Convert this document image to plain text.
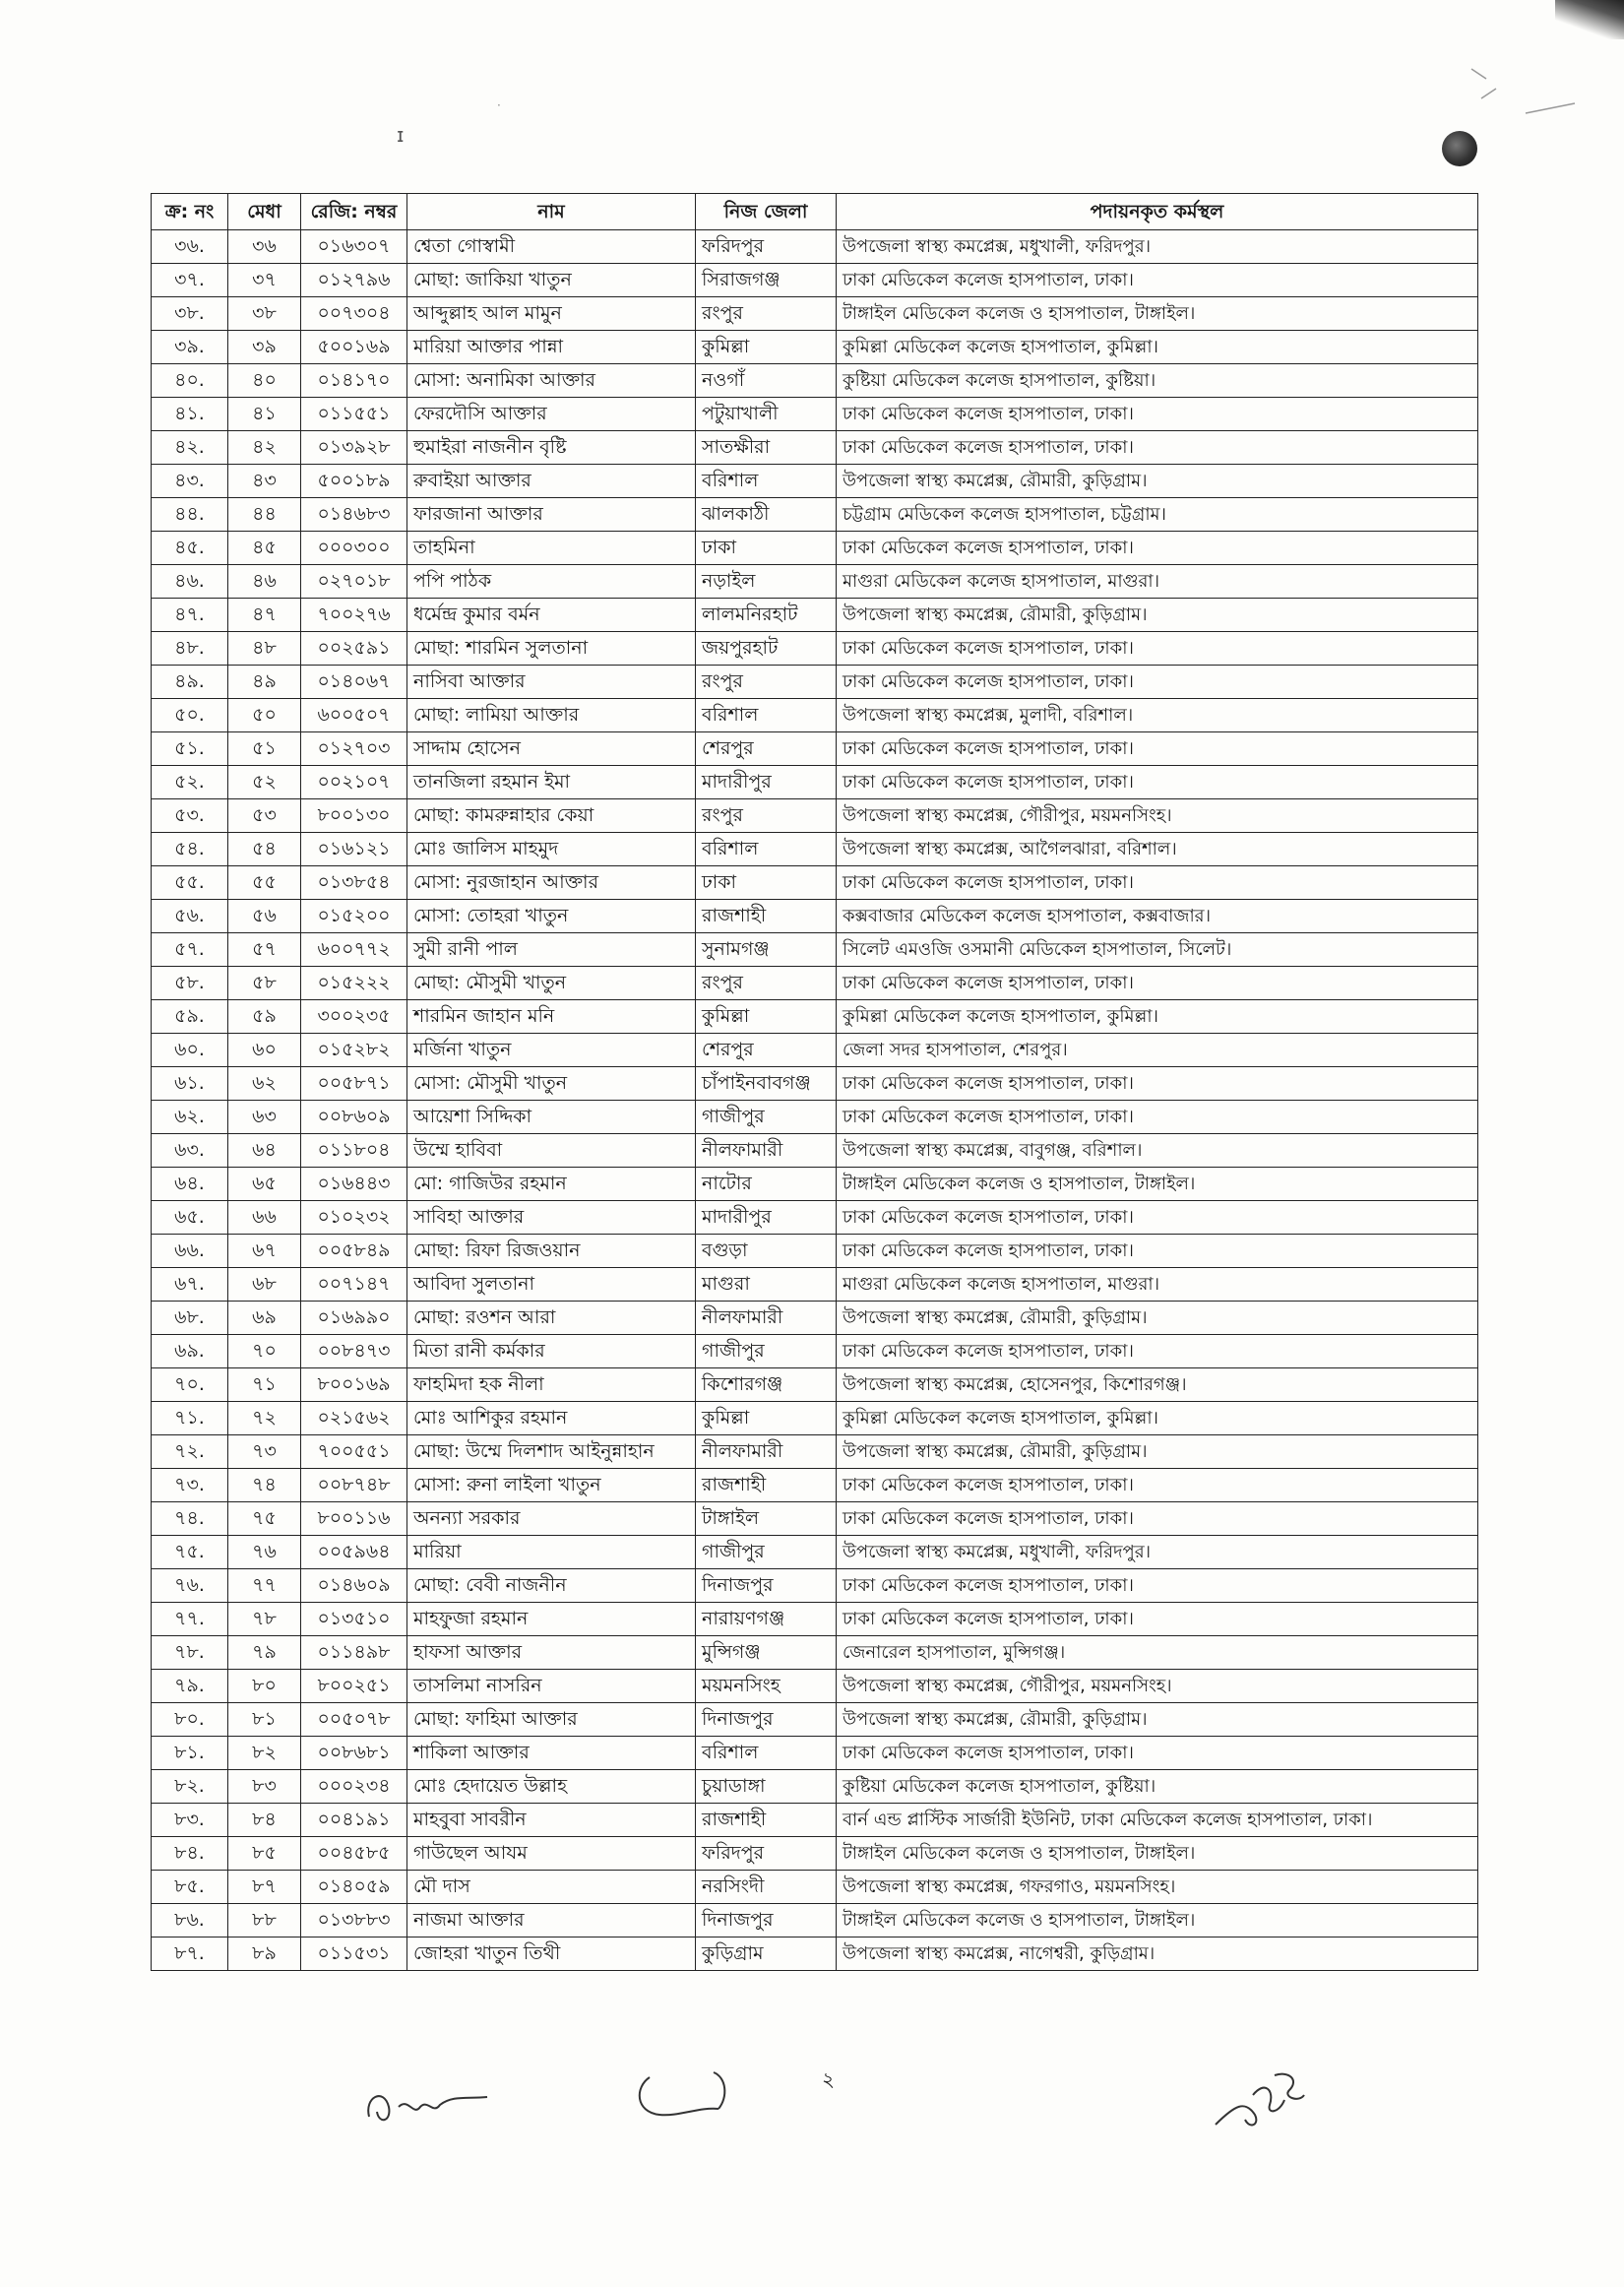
ɪ
·
ক্র: নং	মেধা	রেজি: নম্বর	নাম	নিজ জেলা	পদায়নকৃত কর্মস্থল
৩৬.	৩৬	০১৬৩০৭	শ্বেতা গোস্বামী	ফরিদপুর	উপজেলা স্বাস্থ্য কমপ্লেক্স, মধুখালী, ফরিদপুর।
৩৭.	৩৭	০১২৭৯৬	মোছা: জাকিয়া খাতুন	সিরাজগঞ্জ	ঢাকা মেডিকেল কলেজ হাসপাতাল, ঢাকা।
৩৮.	৩৮	০০৭৩০৪	আব্দুল্লাহ আল মামুন	রংপুর	টাঙ্গাইল মেডিকেল কলেজ ও হাসপাতাল, টাঙ্গাইল।
৩৯.	৩৯	৫০০১৬৯	মারিয়া আক্তার পান্না	কুমিল্লা	কুমিল্লা মেডিকেল কলেজ হাসপাতাল, কুমিল্লা।
৪০.	৪০	০১৪১৭০	মোসা: অনামিকা আক্তার	নওগাঁ	কুষ্টিয়া মেডিকেল কলেজ হাসপাতাল, কুষ্টিয়া।
৪১.	৪১	০১১৫৫১	ফেরদৌসি আক্তার	পটুয়াখালী	ঢাকা মেডিকেল কলেজ হাসপাতাল, ঢাকা।
৪২.	৪২	০১৩৯২৮	হুমাইরা নাজনীন বৃষ্টি	সাতক্ষীরা	ঢাকা মেডিকেল কলেজ হাসপাতাল, ঢাকা।
৪৩.	৪৩	৫০০১৮৯	রুবাইয়া আক্তার	বরিশাল	উপজেলা স্বাস্থ্য কমপ্লেক্স, রৌমারী, কুড়িগ্রাম।
৪৪.	৪৪	০১৪৬৮৩	ফারজানা আক্তার	ঝালকাঠী	চট্টগ্রাম মেডিকেল কলেজ হাসপাতাল, চট্টগ্রাম।
৪৫.	৪৫	০০০৩০০	তাহমিনা	ঢাকা	ঢাকা মেডিকেল কলেজ হাসপাতাল, ঢাকা।
৪৬.	৪৬	০২৭০১৮	পপি পাঠক	নড়াইল	মাগুরা মেডিকেল কলেজ হাসপাতাল, মাগুরা।
৪৭.	৪৭	৭০০২৭৬	ধর্মেন্দ্র কুমার বর্মন	লালমনিরহাট	উপজেলা স্বাস্থ্য কমপ্লেক্স, রৌমারী, কুড়িগ্রাম।
৪৮.	৪৮	০০২৫৯১	মোছা: শারমিন সুলতানা	জয়পুরহাট	ঢাকা মেডিকেল কলেজ হাসপাতাল, ঢাকা।
৪৯.	৪৯	০১৪০৬৭	নাসিবা আক্তার	রংপুর	ঢাকা মেডিকেল কলেজ হাসপাতাল, ঢাকা।
৫০.	৫০	৬০০৫০৭	মোছা: লামিয়া আক্তার	বরিশাল	উপজেলা স্বাস্থ্য কমপ্লেক্স, মুলাদী, বরিশাল।
৫১.	৫১	০১২৭০৩	সাদ্দাম হোসেন	শেরপুর	ঢাকা মেডিকেল কলেজ হাসপাতাল, ঢাকা।
৫২.	৫২	০০২১০৭	তানজিলা রহমান ইমা	মাদারীপুর	ঢাকা মেডিকেল কলেজ হাসপাতাল, ঢাকা।
৫৩.	৫৩	৮০০১৩০	মোছা: কামরুন্নাহার কেয়া	রংপুর	উপজেলা স্বাস্থ্য কমপ্লেক্স, গৌরীপুর, ময়মনসিংহ।
৫৪.	৫৪	০১৬১২১	মোঃ জালিস মাহমুদ	বরিশাল	উপজেলা স্বাস্থ্য কমপ্লেক্স, আগৈলঝারা, বরিশাল।
৫৫.	৫৫	০১৩৮৫৪	মোসা: নুরজাহান আক্তার	ঢাকা	ঢাকা মেডিকেল কলেজ হাসপাতাল, ঢাকা।
৫৬.	৫৬	০১৫২০০	মোসা: তোহরা খাতুন	রাজশাহী	কক্সবাজার মেডিকেল কলেজ হাসপাতাল, কক্সবাজার।
৫৭.	৫৭	৬০০৭৭২	সুমী রানী পাল	সুনামগঞ্জ	সিলেট এমওজি ওসমানী মেডিকেল হাসপাতাল, সিলেট।
৫৮.	৫৮	০১৫২২২	মোছা: মৌসুমী খাতুন	রংপুর	ঢাকা মেডিকেল কলেজ হাসপাতাল, ঢাকা।
৫৯.	৫৯	৩০০২৩৫	শারমিন জাহান মনি	কুমিল্লা	কুমিল্লা মেডিকেল কলেজ হাসপাতাল, কুমিল্লা।
৬০.	৬০	০১৫২৮২	মর্জিনা খাতুন	শেরপুর	জেলা সদর হাসপাতাল, শেরপুর।
৬১.	৬২	০০৫৮৭১	মোসা: মৌসুমী খাতুন	চাঁপাইনবাবগঞ্জ	ঢাকা মেডিকেল কলেজ হাসপাতাল, ঢাকা।
৬২.	৬৩	০০৮৬০৯	আয়েশা সিদ্দিকা	গাজীপুর	ঢাকা মেডিকেল কলেজ হাসপাতাল, ঢাকা।
৬৩.	৬৪	০১১৮০৪	উম্মে হাবিবা	নীলফামারী	উপজেলা স্বাস্থ্য কমপ্লেক্স, বাবুগঞ্জ, বরিশাল।
৬৪.	৬৫	০১৬৪৪৩	মো: গাজিউর রহমান	নাটোর	টাঙ্গাইল মেডিকেল কলেজ ও হাসপাতাল, টাঙ্গাইল।
৬৫.	৬৬	০১০২৩২	সাবিহা আক্তার	মাদারীপুর	ঢাকা মেডিকেল কলেজ হাসপাতাল, ঢাকা।
৬৬.	৬৭	০০৫৮৪৯	মোছা: রিফা রিজওয়ান	বগুড়া	ঢাকা মেডিকেল কলেজ হাসপাতাল, ঢাকা।
৬৭.	৬৮	০০৭১৪৭	আবিদা সুলতানা	মাগুরা	মাগুরা মেডিকেল কলেজ হাসপাতাল, মাগুরা।
৬৮.	৬৯	০১৬৯৯০	মোছা: রওশন আরা	নীলফামারী	উপজেলা স্বাস্থ্য কমপ্লেক্স, রৌমারী, কুড়িগ্রাম।
৬৯.	৭০	০০৮৪৭৩	মিতা রানী কর্মকার	গাজীপুর	ঢাকা মেডিকেল কলেজ হাসপাতাল, ঢাকা।
৭০.	৭১	৮০০১৬৯	ফাহমিদা হক নীলা	কিশোরগঞ্জ	উপজেলা স্বাস্থ্য কমপ্লেক্স, হোসেনপুর, কিশোরগঞ্জ।
৭১.	৭২	০২১৫৬২	মোঃ আশিকুর রহমান	কুমিল্লা	কুমিল্লা মেডিকেল কলেজ হাসপাতাল, কুমিল্লা।
৭২.	৭৩	৭০০৫৫১	মোছা: উম্মে দিলশাদ আইনুন্নাহান	নীলফামারী	উপজেলা স্বাস্থ্য কমপ্লেক্স, রৌমারী, কুড়িগ্রাম।
৭৩.	৭৪	০০৮৭৪৮	মোসা: রুনা লাইলা খাতুন	রাজশাহী	ঢাকা মেডিকেল কলেজ হাসপাতাল, ঢাকা।
৭৪.	৭৫	৮০০১১৬	অনন্যা সরকার	টাঙ্গাইল	ঢাকা মেডিকেল কলেজ হাসপাতাল, ঢাকা।
৭৫.	৭৬	০০৫৯৬৪	মারিয়া	গাজীপুর	উপজেলা স্বাস্থ্য কমপ্লেক্স, মধুখালী, ফরিদপুর।
৭৬.	৭৭	০১৪৬০৯	মোছা: বেবী নাজনীন	দিনাজপুর	ঢাকা মেডিকেল কলেজ হাসপাতাল, ঢাকা।
৭৭.	৭৮	০১৩৫১০	মাহফুজা রহমান	নারায়ণগঞ্জ	ঢাকা মেডিকেল কলেজ হাসপাতাল, ঢাকা।
৭৮.	৭৯	০১১৪৯৮	হাফসা আক্তার	মুন্সিগঞ্জ	জেনারেল হাসপাতাল, মুন্সিগঞ্জ।
৭৯.	৮০	৮০০২৫১	তাসলিমা নাসরিন	ময়মনসিংহ	উপজেলা স্বাস্থ্য কমপ্লেক্স, গৌরীপুর, ময়মনসিংহ।
৮০.	৮১	০০৫০৭৮	মোছা: ফাহিমা আক্তার	দিনাজপুর	উপজেলা স্বাস্থ্য কমপ্লেক্স, রৌমারী, কুড়িগ্রাম।
৮১.	৮২	০০৮৬৮১	শাকিলা আক্তার	বরিশাল	ঢাকা মেডিকেল কলেজ হাসপাতাল, ঢাকা।
৮২.	৮৩	০০০২৩৪	মোঃ হেদায়েত উল্লাহ	চুয়াডাঙ্গা	কুষ্টিয়া মেডিকেল কলেজ হাসপাতাল, কুষ্টিয়া।
৮৩.	৮৪	০০৪১৯১	মাহবুবা সাবরীন	রাজশাহী	বার্ন এন্ড প্লাস্টিক সার্জারী ইউনিট, ঢাকা মেডিকেল কলেজ হাসপাতাল, ঢাকা।
৮৪.	৮৫	০০৪৫৮৫	গাউছেল আযম	ফরিদপুর	টাঙ্গাইল মেডিকেল কলেজ ও হাসপাতাল, টাঙ্গাইল।
৮৫.	৮৭	০১৪০৫৯	মৌ দাস	নরসিংদী	উপজেলা স্বাস্থ্য কমপ্লেক্স, গফরগাও, ময়মনসিংহ।
৮৬.	৮৮	০১৩৮৮৩	নাজমা আক্তার	দিনাজপুর	টাঙ্গাইল মেডিকেল কলেজ ও হাসপাতাল, টাঙ্গাইল।
৮৭.	৮৯	০১১৫৩১	জোহরা খাতুন তিথী	কুড়িগ্রাম	উপজেলা স্বাস্থ্য কমপ্লেক্স, নাগেশ্বরী, কুড়িগ্রাম।
২
